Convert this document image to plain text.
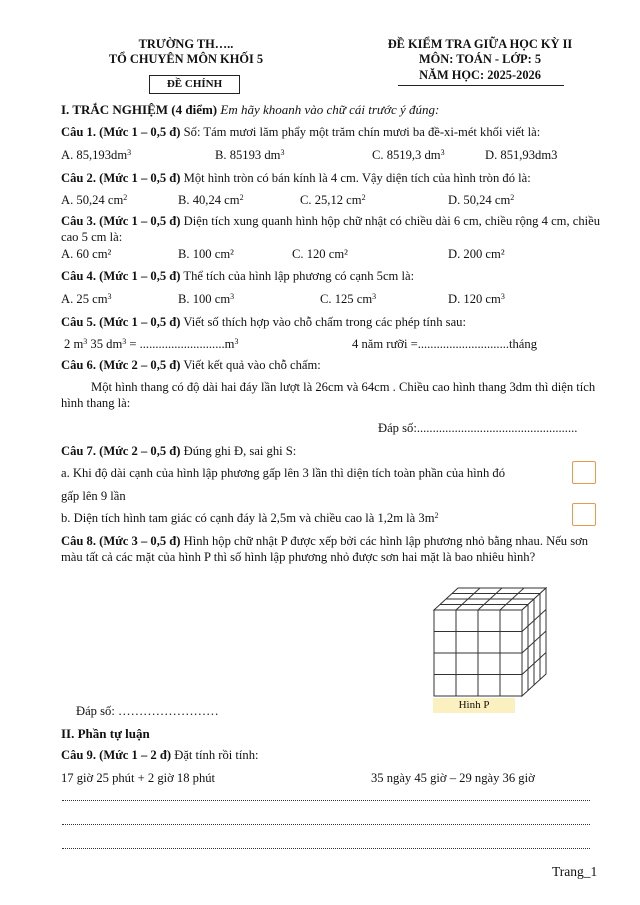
TRƯỜNG TH…..
TỔ CHUYÊN MÔN KHỐI 5
ĐỀ CHÍNH
ĐỀ KIỂM TRA GIỮA HỌC KỲ II
MÔN: TOÁN - LỚP: 5
NĂM HỌC: 2025-2026
I. TRẮC NGHIỆM (4 điểm) Em hãy khoanh vào chữ cái trước ý đúng:
Câu 1. (Mức 1 – 0,5 đ) Số: Tám mươi lăm phẩy một trăm chín mươi ba đề-xi-mét khối viết là:
A. $85,193dm^3$	B. 85193 $dm^3$	C. 8519,3 $dm^3$	D. 851,93dm3
Câu 2. (Mức 1 – 0,5 đ) Một hình tròn có bán kính là 4 cm. Vậy diện tích của hình tròn đó là:
A. 50,24 $cm^2$	B. 40,24 $cm^2$	C. 25,12 $cm^2$	D. 50,24 $cm^2$
Câu 3. (Mức 1 – 0,5 đ) Diện tích xung quanh hình hộp chữ nhật có chiều dài 6 cm, chiều rộng 4 cm, chiều cao 5 cm là:
A. 60 cm²	B. 100 cm²	C. 120 cm²	D. 200 cm²
Câu 4. (Mức 1 – 0,5 đ) Thể tích của hình lập phương có cạnh 5cm là:
A. 25 $cm^3$	B. 100 $cm^3$	C. 125 $cm^3$	D. 120 $cm^3$
Câu 5. (Mức 1 – 0,5 đ) Viết số thích hợp vào chỗ chấm trong các phép tính sau:
2 $m^3$ 35 $dm^3 = ...........................m^3$	4 năm rưỡi =.............................tháng
Câu 6. (Mức 2 – 0,5 đ) Viết kết quả vào chỗ chấm:
Một hình thang có độ dài hai đáy lần lượt là 26cm và 64cm . Chiều cao hình thang 3dm thì diện tích hình thang là:
Đáp số:...................................................
Câu 7. (Mức 2 – 0,5 đ) Đúng ghi Đ, sai ghi S:
a. Khi độ dài cạnh của hình lập phương gấp lên 3 lần thì diện tích toàn phần của hình đó
gấp lên 9 lần
b. Diện tích hình tam giác có cạnh đáy là 2,5m và chiều cao là 1,2m là $3m^2$
Câu 8. (Mức 3 – 0,5 đ) Hình hộp chữ nhật P được xếp bởi các hình lập phương nhỏ bằng nhau. Nếu sơn màu tất cả các mặt của hình P thì số hình lập phương nhỏ được sơn hai mặt là bao nhiêu hình?
Hình P
Đáp số: ……………………
II. Phần tự luận
Câu 9. (Mức 1 – 2 đ) Đặt tính rồi tính:
17 giờ 25 phút + 2 giờ 18 phút	35 ngày 45 giờ – 29 ngày 36 giờ
Trang_1
